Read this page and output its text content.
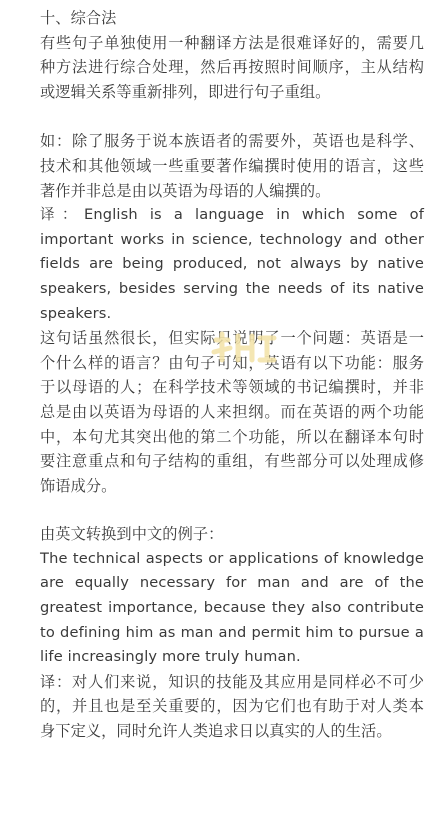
十、综合法
有些句子单独使用一种翻译方法是很难译好的，需要几
种方法进行综合处理，然后再按照时间顺序，主从结构
或逻辑关系等重新排列，即进行句子重组。
如：除了服务于说本族语者的需要外，英语也是科学、
技术和其他领域一些重要著作编撰时使用的语言，这些
著作并非总是由以英语为母语的人编撰的。
译：English is a language in which some of
important works in science, technology and other
fields are being produced, not always by native
speakers, besides serving the needs of its native
speakers.
这句话虽然很长，但实际只说明了一个问题：英语是一
个什么样的语言？由句子可知，英语有以下功能：服务
于以母语的人；在科学技术等领域的书记编撰时，并非
总是由以英语为母语的人来担纲。而在英语的两个功能
中，本句尤其突出他的第二个功能，所以在翻译本句时
要注意重点和句子结构的重组，有些部分可以处理成修
饰语成分。
由英文转换到中文的例子：
The technical aspects or applications of knowledge
are equally necessary for man and are of the
greatest importance, because they also contribute
to defining him as man and permit him to pursue a
life increasingly more truly human.
译：对人们来说，知识的技能及其应用是同样必不可少
的，并且也是至关重要的，因为它们也有助于对人类本
身下定义，同时允许人类追求日以真实的人的生活。
